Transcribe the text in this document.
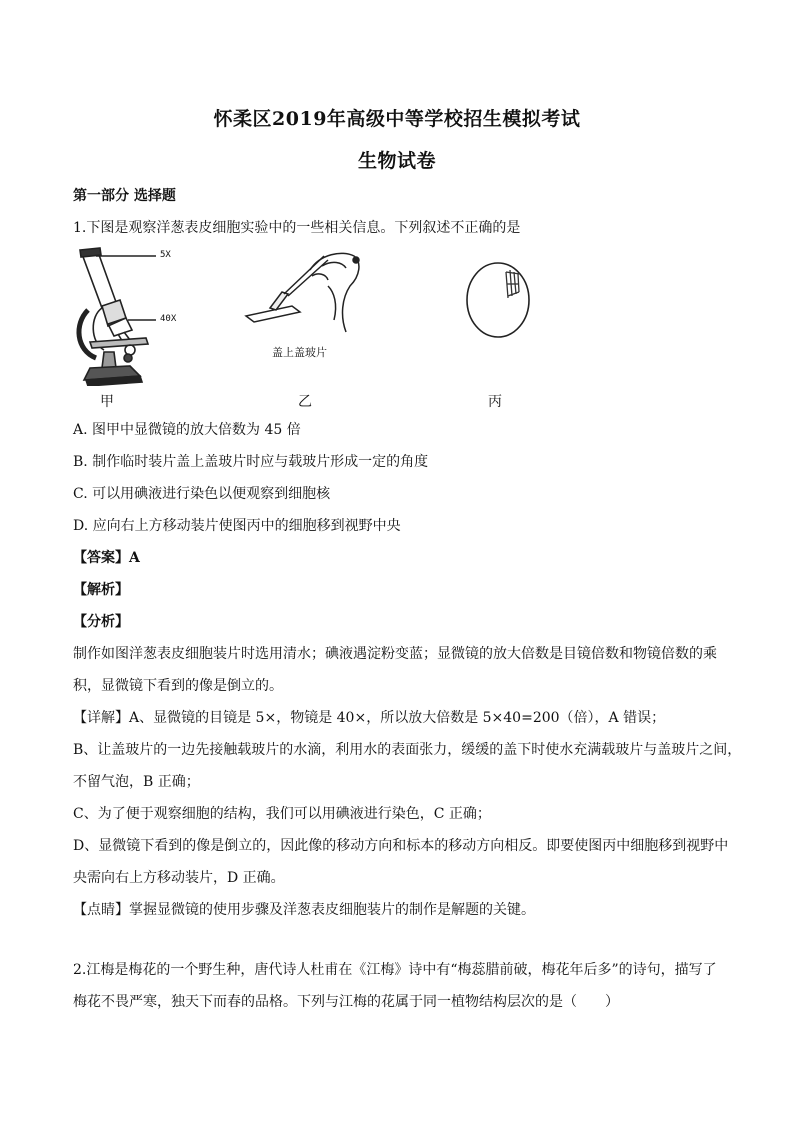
怀柔区2019年高级中等学校招生模拟考试
生物试卷
第一部分 选择题
1.下图是观察洋葱表皮细胞实验中的一些相关信息。下列叙述不正确的是
5X
40X
甲
盖上盖玻片
乙	丙
A. 图甲中显微镜的放大倍数为 45 倍
B. 制作临时装片盖上盖玻片时应与载玻片形成一定的角度
C. 可以用碘液进行染色以便观察到细胞核
D. 应向右上方移动装片使图丙中的细胞移到视野中央
【答案】A
【解析】
【分析】
制作如图洋葱表皮细胞装片时选用清水；碘液遇淀粉变蓝；显微镜的放大倍数是目镜倍数和物镜倍数的乘
积，显微镜下看到的像是倒立的。
【详解】A、显微镜的目镜是 5×，物镜是 40×，所以放大倍数是 5×40=200（倍），A 错误；
B、让盖玻片的一边先接触载玻片的水滴，利用水的表面张力，缓缓的盖下时使水充满载玻片与盖玻片之间，
不留气泡，B 正确；
C、为了便于观察细胞的结构，我们可以用碘液进行染色，C 正确；
D、显微镜下看到的像是倒立的，因此像的移动方向和标本的移动方向相反。即要使图丙中细胞移到视野中
央需向右上方移动装片，D 正确。
【点睛】掌握显微镜的使用步骤及洋葱表皮细胞装片的制作是解题的关键。
2.江梅是梅花的一个野生种，唐代诗人杜甫在《江梅》诗中有“梅蕊腊前破，梅花年后多”的诗句，描写了
梅花不畏严寒，独天下而春的品格。下列与江梅的花属于同一植物结构层次的是（　　）
